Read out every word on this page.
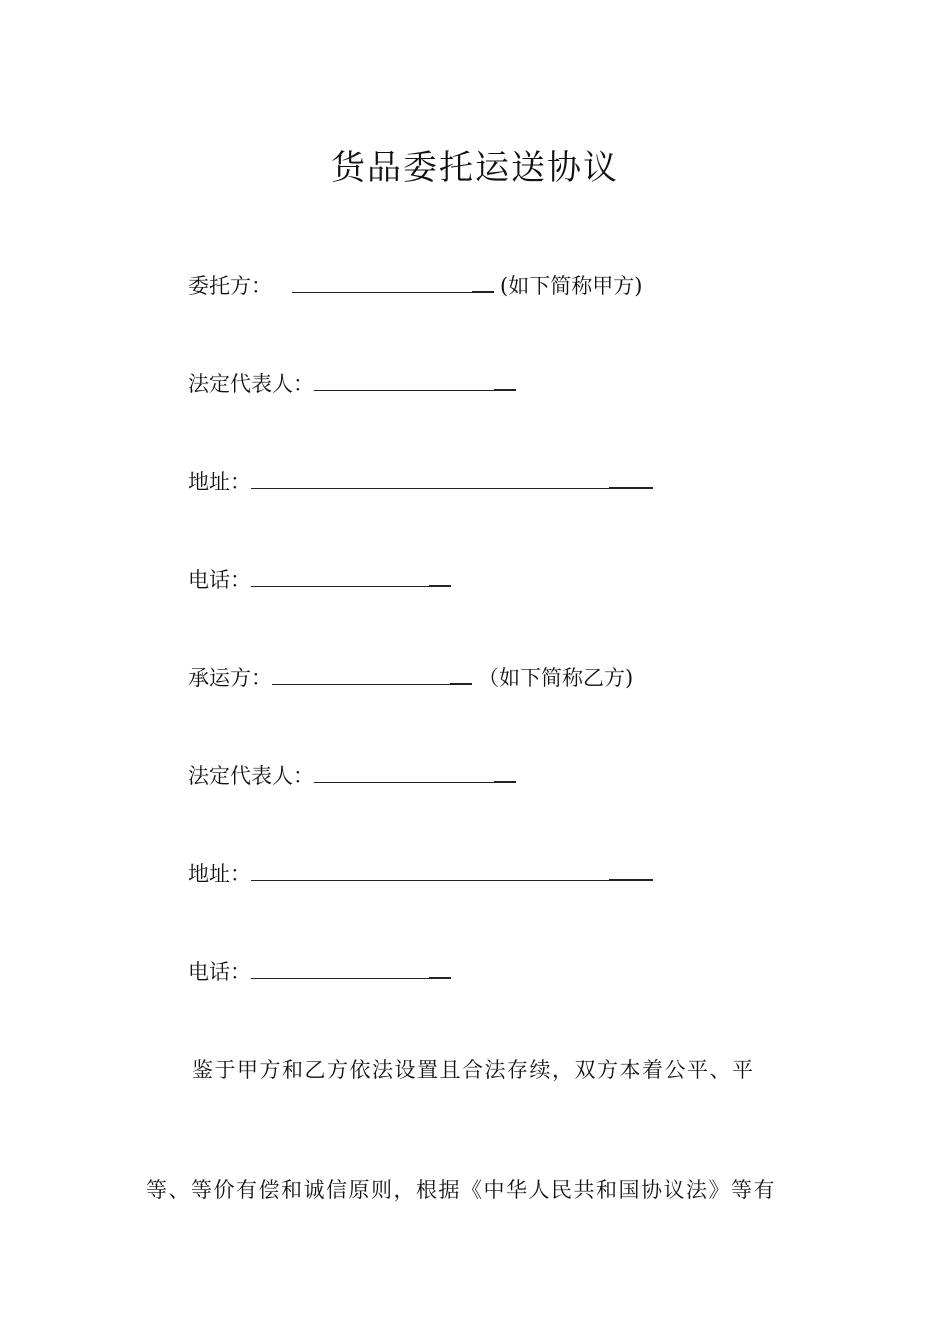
货品委托运送协议
委托方：	(如下简称甲方)
法定代表人：
地址：
电话：
承运方：	（如下简称乙方)
法定代表人：
地址：
电话：
鉴于甲方和乙方依法设置且合法存续，双方本着公平、平
等、等价有偿和诚信原则，根据《中华人民共和国协议法》等有
